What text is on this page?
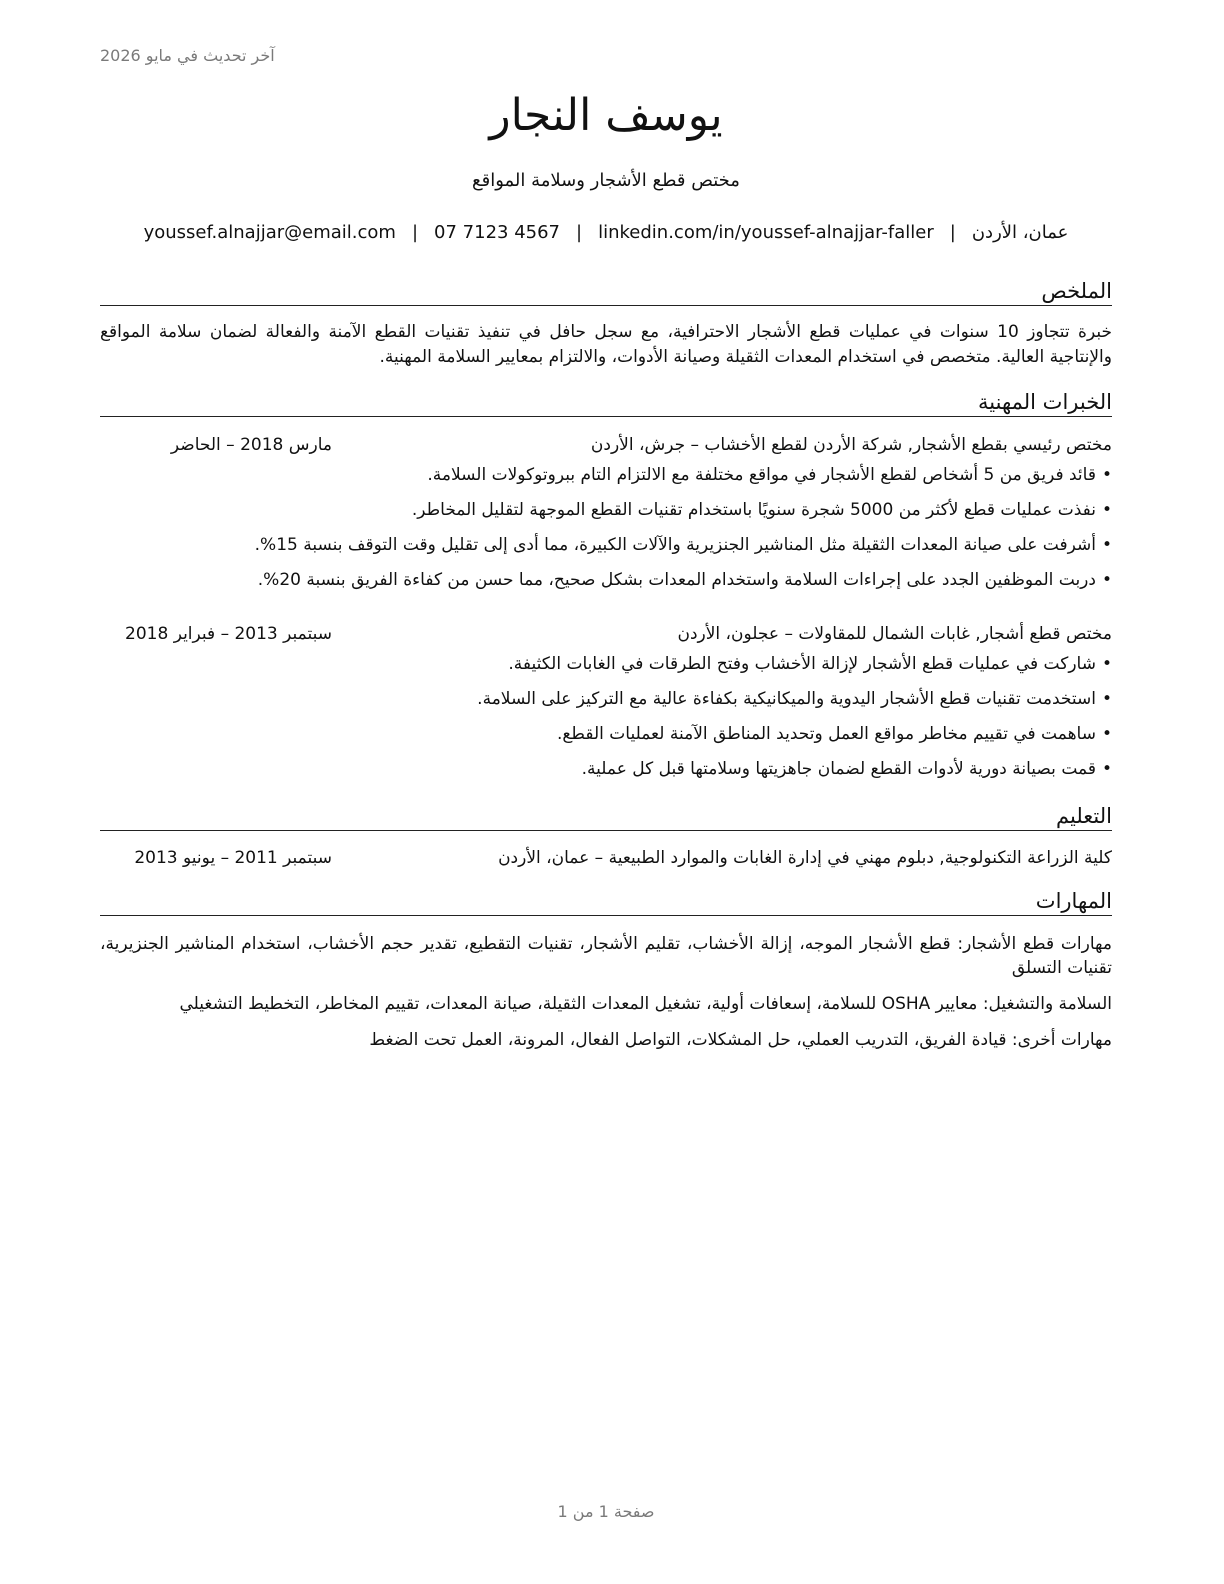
آخر تحديث في مايو 2026
يوسف النجار
مختص قطع الأشجار وسلامة المواقع
عمان، الأردن|youssef.alnajjar@email.com | 07 7123 4567 | linkedin.com/in/youssef-alnajjar-faller
الملخص
خبرة تتجاوز 10 سنوات في عمليات قطع الأشجار الاحترافية، مع سجل حافل في تنفيذ تقنيات القطع الآمنة والفعالة لضمان سلامة المواقع والإنتاجية العالية. متخصص في استخدام المعدات الثقيلة وصيانة الأدوات، والالتزام بمعايير السلامة المهنية.
الخبرات المهنية
مختص رئيسي بقطع الأشجار, شركة الأردن لقطع الأخشاب – جرش، الأردن
مارس 2018 – الحاضر
•قائد فريق من 5 أشخاص لقطع الأشجار في مواقع مختلفة مع الالتزام التام ببروتوكولات السلامة.
•نفذت عمليات قطع لأكثر من 5000 شجرة سنويًا باستخدام تقنيات القطع الموجهة لتقليل المخاطر.
•أشرفت على صيانة المعدات الثقيلة مثل المناشير الجنزيرية والآلات الكبيرة، مما أدى إلى تقليل وقت التوقف بنسبة 15%.
•دربت الموظفين الجدد على إجراءات السلامة واستخدام المعدات بشكل صحيح، مما حسن من كفاءة الفريق بنسبة 20%.
مختص قطع أشجار, غابات الشمال للمقاولات – عجلون، الأردن
سبتمبر 2013 – فبراير 2018
•شاركت في عمليات قطع الأشجار لإزالة الأخشاب وفتح الطرقات في الغابات الكثيفة.
•استخدمت تقنيات قطع الأشجار اليدوية والميكانيكية بكفاءة عالية مع التركيز على السلامة.
•ساهمت في تقييم مخاطر مواقع العمل وتحديد المناطق الآمنة لعمليات القطع.
•قمت بصيانة دورية لأدوات القطع لضمان جاهزيتها وسلامتها قبل كل عملية.
التعليم
كلية الزراعة التكنولوجية, دبلوم مهني في إدارة الغابات والموارد الطبيعية – عمان، الأردن
سبتمبر 2011 – يونيو 2013
المهارات

مهارات قطع الأشجار: قطع الأشجار الموجه، إزالة الأخشاب، تقليم الأشجار، تقنيات التقطيع، تقدير حجم الأخشاب، استخدام المناشير الجنزيرية، تقنيات التسلق

السلامة والتشغيل: معايير OSHA للسلامة، إسعافات أولية، تشغيل المعدات الثقيلة، صيانة المعدات، تقييم المخاطر، التخطيط التشغيلي

مهارات أخرى: قيادة الفريق، التدريب العملي، حل المشكلات، التواصل الفعال، المرونة، العمل تحت الضغط

صفحة 1 من 1
